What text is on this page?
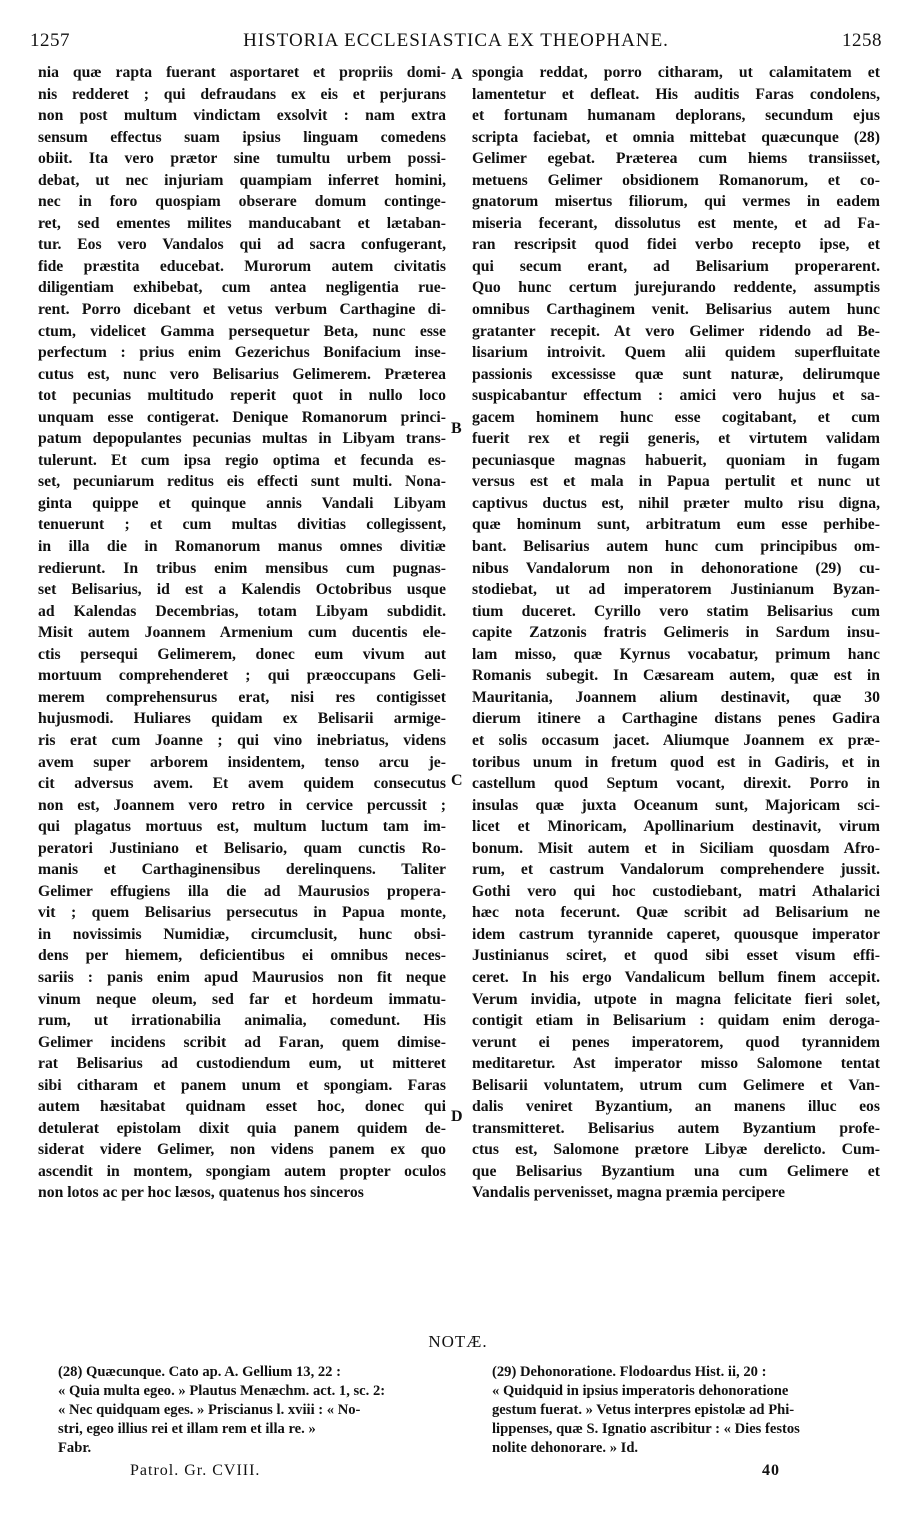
1257	HISTORIA ECCLESIASTICA EX THEOPHANE.	1258

nia quæ rapta fuerant asportaret et propriis domi-

nis redderet ; qui defraudans ex eis et perjurans

non post multum vindictam exsolvit : nam extra

sensum effectus suam ipsius linguam comedens

obiit. Ita vero prætor sine tumultu urbem possi-

debat, ut nec injuriam quampiam inferret homini,

nec in foro quospiam obserare domum continge-

ret, sed ementes milites manducabant et lætaban-

tur. Eos vero Vandalos qui ad sacra confugerant,

fide præstita educebat. Murorum autem civitatis

diligentiam exhibebat, cum antea negligentia rue-

rent. Porro dicebant et vetus verbum Carthagine di-

ctum, videlicet Gamma persequetur Beta, nunc esse

perfectum : prius enim Gezerichus Bonifacium inse-

cutus est, nunc vero Belisarius Gelimerem. Præterea

tot pecunias multitudo reperit quot in nullo loco

unquam esse contigerat. Denique Romanorum princi-

patum depopulantes pecunias multas in Libyam trans-

tulerunt. Et cum ipsa regio optima et fecunda es-

set, pecuniarum reditus eis effecti sunt multi. Nona-

ginta quippe et quinque annis Vandali Libyam

tenuerunt ; et cum multas divitias collegissent,

in illa die in Romanorum manus omnes divitiæ

redierunt. In tribus enim mensibus cum pugnas-

set Belisarius, id est a Kalendis Octobribus usque

ad Kalendas Decembrias, totam Libyam subdidit.

Misit autem Joannem Armenium cum ducentis ele-

ctis persequi Gelimerem, donec eum vivum aut

mortuum comprehenderet ; qui præoccupans Geli-

merem comprehensurus erat, nisi res contigisset

hujusmodi. Huliares quidam ex Belisarii armige-

ris erat cum Joanne ; qui vino inebriatus, videns

avem super arborem insidentem, tenso arcu je-

cit adversus avem. Et avem quidem consecutus

non est, Joannem vero retro in cervice percussit ;

qui plagatus mortuus est, multum luctum tam im-

peratori Justiniano et Belisario, quam cunctis Ro-

manis et Carthaginensibus derelinquens. Taliter

Gelimer effugiens illa die ad Maurusios propera-

vit ; quem Belisarius persecutus in Papua monte,

in novissimis Numidiæ, circumclusit, hunc obsi-

dens per hiemem, deficientibus ei omnibus neces-

sariis : panis enim apud Maurusios non fit neque

vinum neque oleum, sed far et hordeum immatu-

rum, ut irrationabilia animalia, comedunt. His

Gelimer incidens scribit ad Faran, quem dimise-

rat Belisarius ad custodiendum eum, ut mitteret

sibi citharam et panem unum et spongiam. Faras

autem hæsitabat quidnam esset hoc, donec qui

detulerat epistolam dixit quia panem quidem de-

siderat videre Gelimer, non videns panem ex quo

ascendit in montem, spongiam autem propter oculos

non lotos ac per hoc læsos, quatenus hos sinceros

spongia reddat, porro citharam, ut calamitatem et

lamentetur et defleat. His auditis Faras condolens,

et fortunam humanam deplorans, secundum ejus

scripta faciebat, et omnia mittebat quæcunque (28)

Gelimer egebat. Præterea cum hiems transiisset,

metuens Gelimer obsidionem Romanorum, et co-

gnatorum misertus filiorum, qui vermes in eadem

miseria fecerant, dissolutus est mente, et ad Fa-

ran rescripsit quod fidei verbo recepto ipse, et

qui secum erant, ad Belisarium properarent.

Quo hunc certum jurejurando reddente, assumptis

omnibus Carthaginem venit. Belisarius autem hunc

gratanter recepit. At vero Gelimer ridendo ad Be-

lisarium introivit. Quem alii quidem superfluitate

passionis excessisse quæ sunt naturæ, delirumque

suspicabantur effectum : amici vero hujus et sa-

gacem hominem hunc esse cogitabant, et cum

fuerit rex et regii generis, et virtutem validam

pecuniasque magnas habuerit, quoniam in fugam

versus est et mala in Papua pertulit et nunc ut

captivus ductus est, nihil præter multo risu digna,

quæ hominum sunt, arbitratum eum esse perhibe-

bant. Belisarius autem hunc cum principibus om-

nibus Vandalorum non in dehonoratione (29) cu-

stodiebat, ut ad imperatorem Justinianum Byzan-

tium duceret. Cyrillo vero statim Belisarius cum

capite Zatzonis fratris Gelimeris in Sardum insu-

lam misso, quæ Kyrnus vocabatur, primum hanc

Romanis subegit. In Cæsaream autem, quæ est in

Mauritania, Joannem alium destinavit, quæ 30

dierum itinere a Carthagine distans penes Gadira

et solis occasum jacet. Aliumque Joannem ex præ-

toribus unum in fretum quod est in Gadiris, et in

castellum quod Septum vocant, direxit. Porro in

insulas quæ juxta Oceanum sunt, Majoricam sci-

licet et Minoricam, Apollinarium destinavit, virum

bonum. Misit autem et in Siciliam quosdam Afro-

rum, et castrum Vandalorum comprehendere jussit.

Gothi vero qui hoc custodiebant, matri Athalarici

hæc nota fecerunt. Quæ scribit ad Belisarium ne

idem castrum tyrannide caperet, quousque imperator

Justinianus sciret, et quod sibi esset visum effi-

ceret. In his ergo Vandalicum bellum finem accepit.

Verum invidia, utpote in magna felicitate fieri solet,

contigit etiam in Belisarium : quidam enim deroga-

verunt ei penes imperatorem, quod tyrannidem

meditaretur. Ast imperator misso Salomone tentat

Belisarii voluntatem, utrum cum Gelimere et Van-

dalis veniret Byzantium, an manens illuc eos

transmitteret. Belisarius autem Byzantium profe-

ctus est, Salomone prætore Libyæ derelicto. Cum-

que Belisarius Byzantium una cum Gelimere et

Vandalis pervenisset, magna præmia percipere

A
B
C
D
NOTÆ.

(28) Quæcunque. Cato ap. A. Gellium 13, 22 :

« Quia multa egeo. » Plautus Menæchm. act. 1, sc. 2:

« Nec quidquam eges. » Priscianus l. xviii : « No-

stri, egeo illius rei et illam rem et illa re. »

Fabr.

(29) Dehonoratione. Flodoardus Hist. ii, 20 :

« Quidquid in ipsius imperatoris dehonoratione

gestum fuerat. » Vetus interpres epistolæ ad Phi-

lippenses, quæ S. Ignatio ascribitur : « Dies festos

nolite dehonorare. » Id.

Patrol. Gr. CVIII.	40
